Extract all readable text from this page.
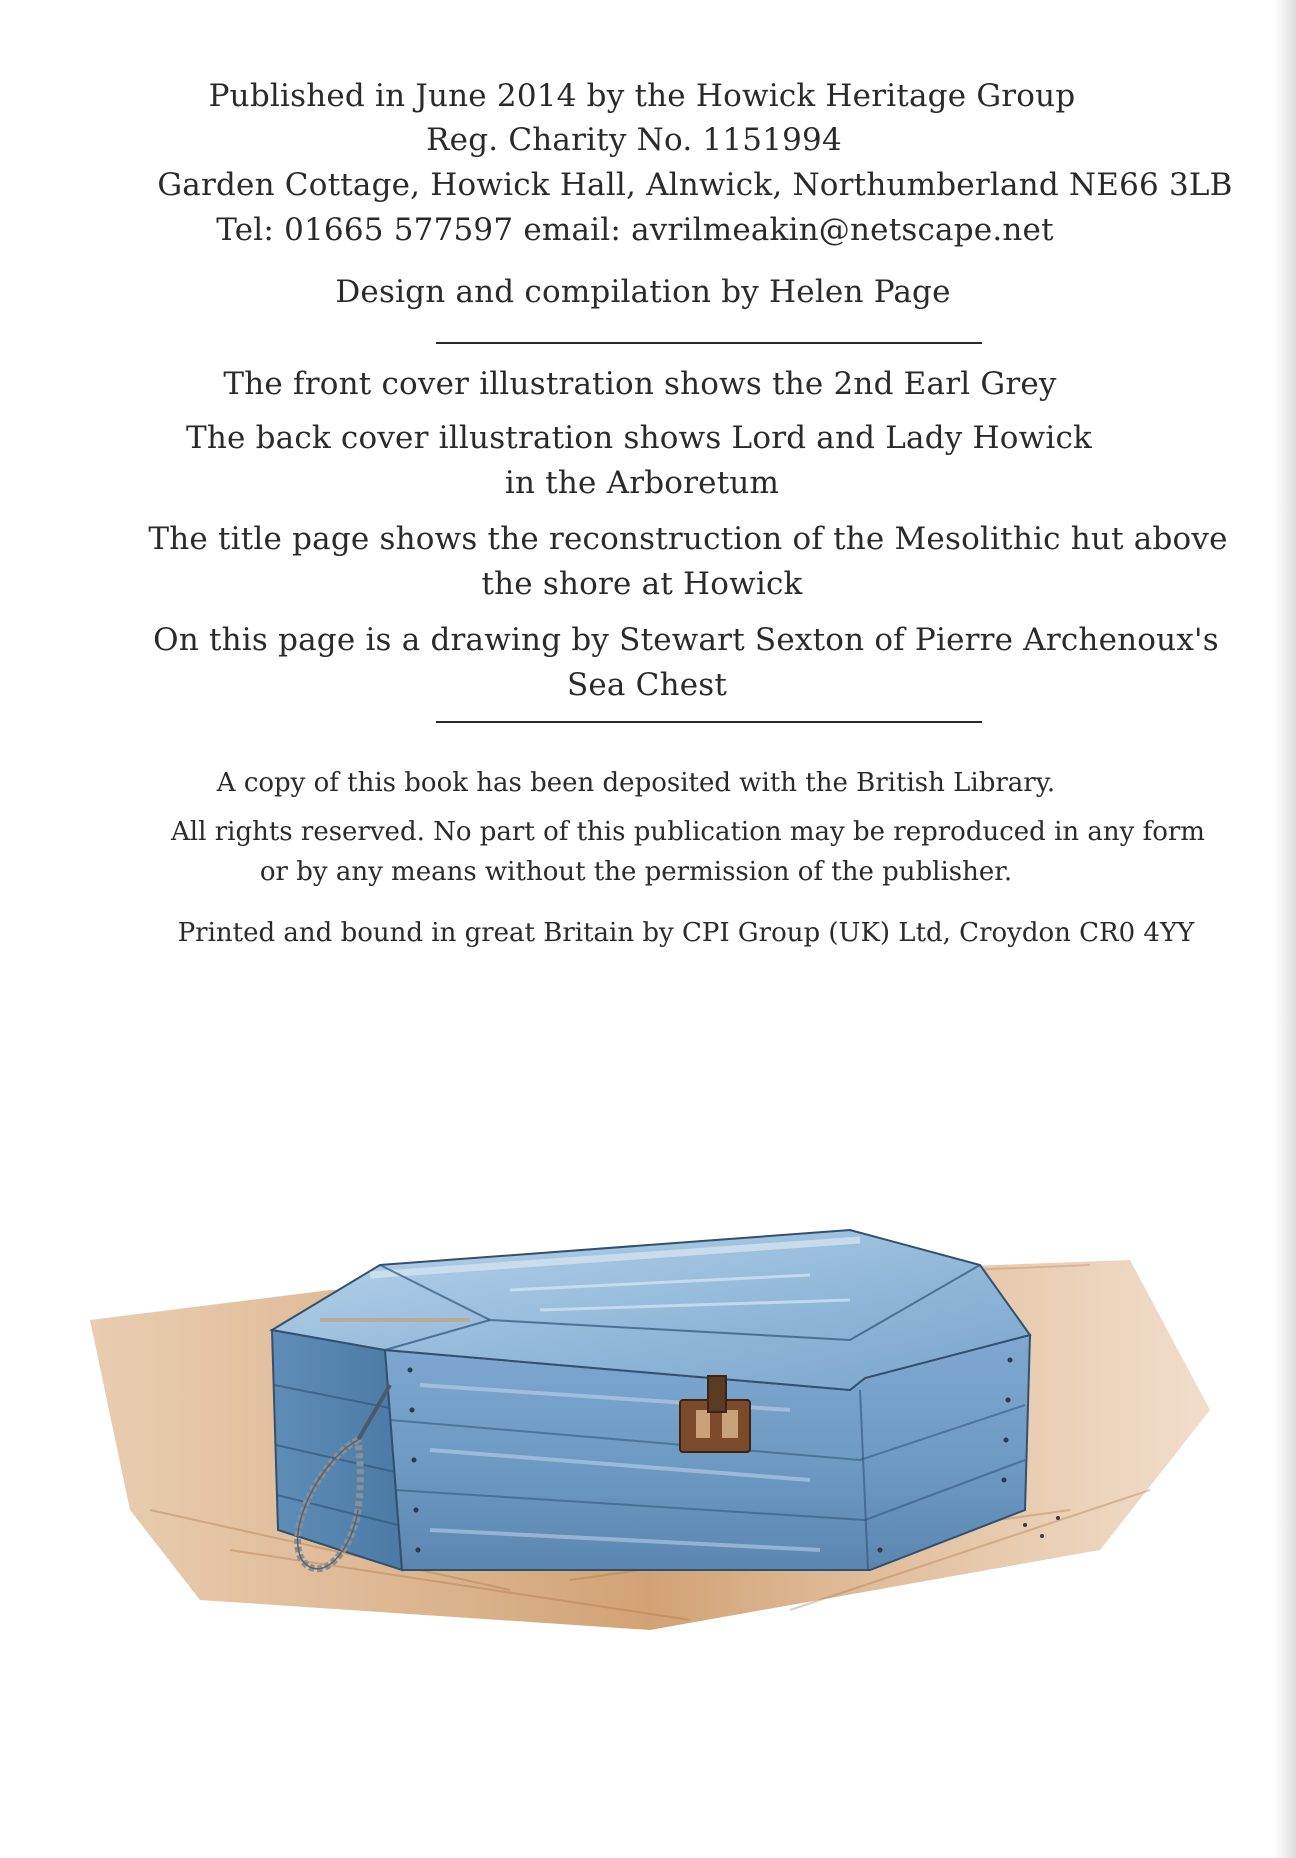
Published in June 2014 by the Howick Heritage Group
Reg. Charity No. 1151994
Garden Cottage, Howick Hall, Alnwick, Northumberland NE66 3LB
Tel: 01665 577597 email: avrilmeakin@netscape.net
Design and compilation by Helen Page
The front cover illustration shows the 2nd Earl Grey
The back cover illustration shows Lord and Lady Howick
in the Arboretum
The title page shows the reconstruction of the Mesolithic hut above
the shore at Howick
On this page is a drawing by Stewart Sexton of Pierre Archenoux's
Sea Chest
A copy of this book has been deposited with the British Library.
All rights reserved. No part of this publication may be reproduced in any form
or by any means without the permission of the publisher.
Printed and bound in great Britain by CPI Group (UK) Ltd, Croydon CR0 4YY
